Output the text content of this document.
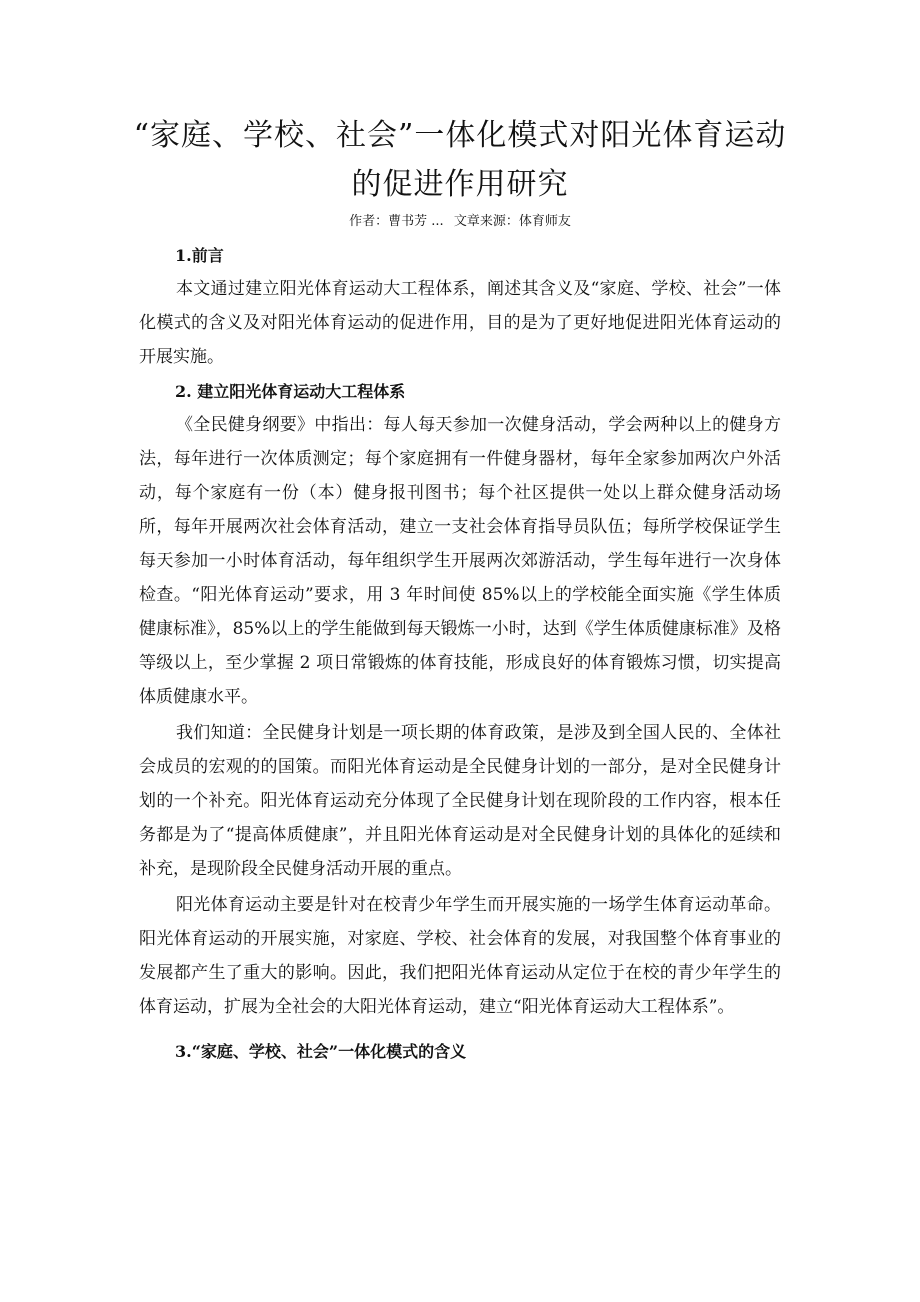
“家庭、学校、社会”一体化模式对阳光体育运动
的促进作用研究
作者：曹书芳 ... 文章来源：体育师友
1.前言

本文通过建立阳光体育运动大工程体系，阐述其含义及“家庭、学校、社会”一体化模式的含义及对阳光体育运动的促进作用，目的是为了更好地促进阳光体育运动的开展实施。

2. 建立阳光体育运动大工程体系

《全民健身纲要》中指出：每人每天参加一次健身活动，学会两种以上的健身方法，每年进行一次体质测定；每个家庭拥有一件健身器材，每年全家参加两次户外活动，每个家庭有一份（本）健身报刊图书；每个社区提供一处以上群众健身活动场所，每年开展两次社会体育活动，建立一支社会体育指导员队伍；每所学校保证学生每天参加一小时体育活动，每年组织学生开展两次郊游活动，学生每年进行一次身体检查。“阳光体育运动”要求，用 3 年时间使 85%以上的学校能全面实施《学生体质健康标准》，85%以上的学生能做到每天锻炼一小时，达到《学生体质健康标准》及格等级以上，至少掌握 2 项日常锻炼的体育技能，形成良好的体育锻炼习惯，切实提高体质健康水平。

我们知道：全民健身计划是一项长期的体育政策，是涉及到全国人民的、全体社会成员的宏观的的国策。而阳光体育运动是全民健身计划的一部分，是对全民健身计划的一个补充。阳光体育运动充分体现了全民健身计划在现阶段的工作内容，根本任务都是为了“提高体质健康”，并且阳光体育运动是对全民健身计划的具体化的延续和补充，是现阶段全民健身活动开展的重点。

阳光体育运动主要是针对在校青少年学生而开展实施的一场学生体育运动革命。阳光体育运动的开展实施，对家庭、学校、社会体育的发展，对我国整个体育事业的发展都产生了重大的影响。因此，我们把阳光体育运动从定位于在校的青少年学生的体育运动，扩展为全社会的大阳光体育运动，建立“阳光体育运动大工程体系”。

3.“家庭、学校、社会”一体化模式的含义
